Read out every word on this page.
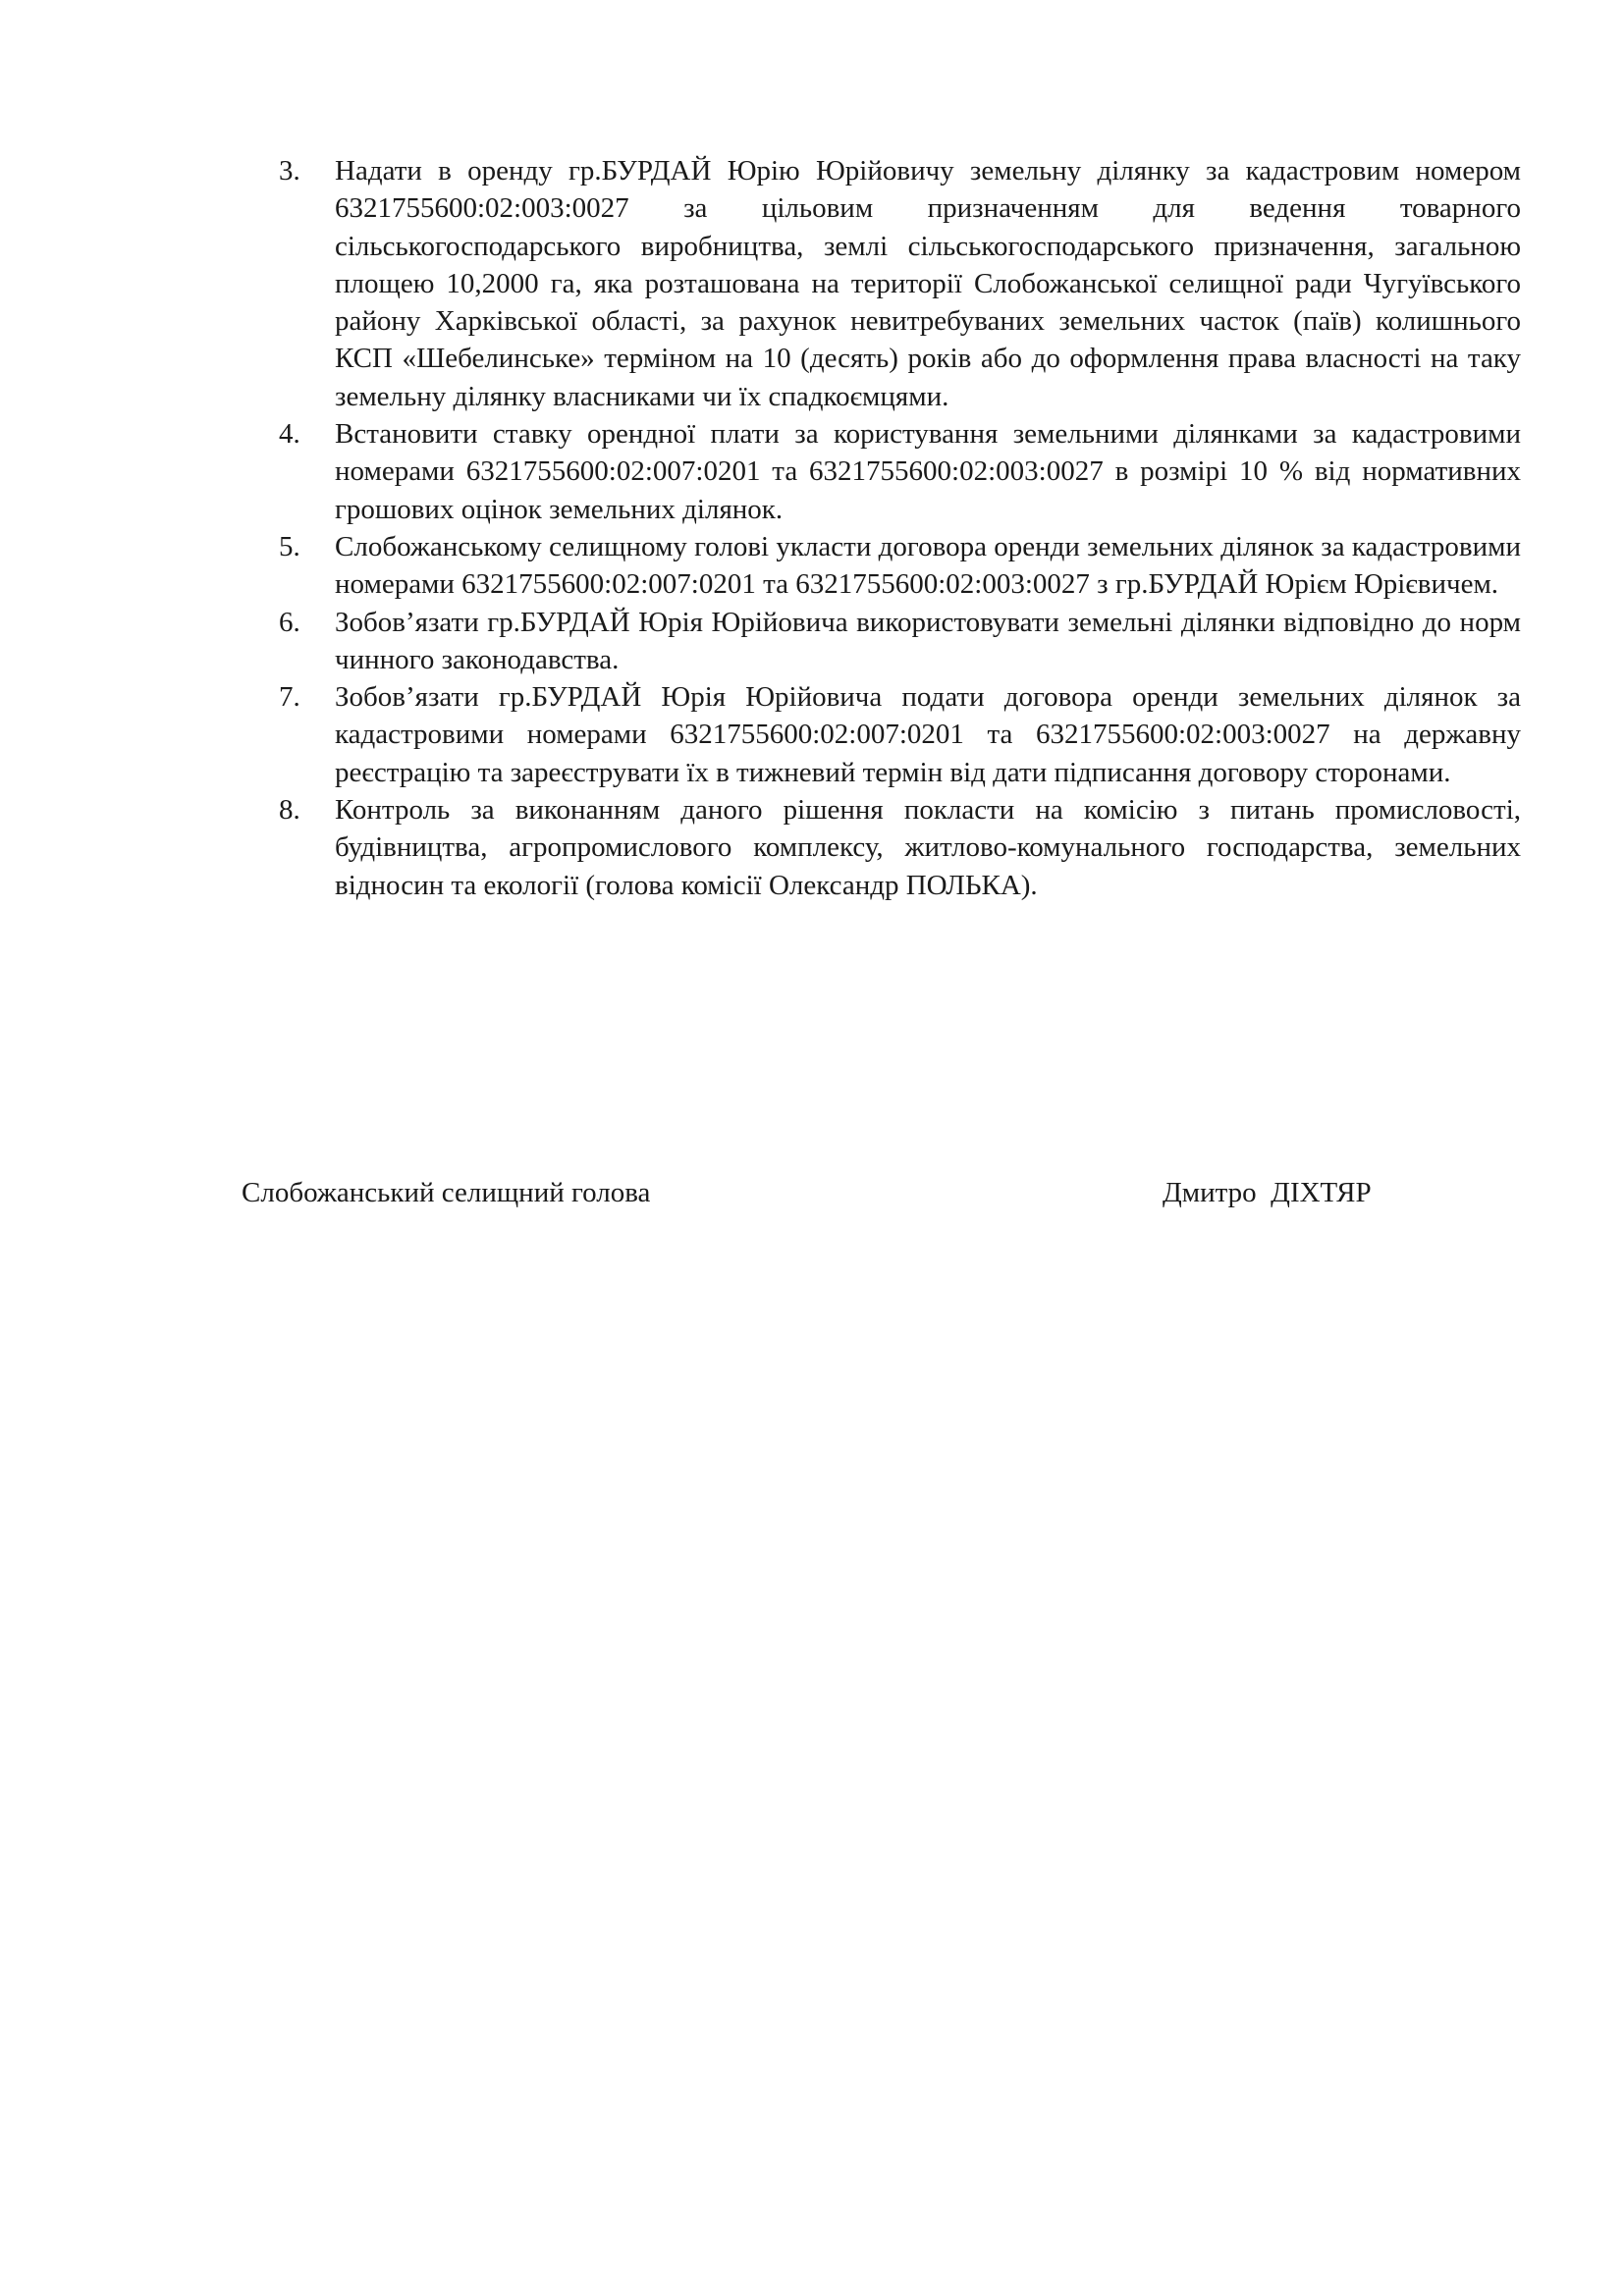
3.	Надати в оренду гр.БУРДАЙ Юрію Юрійовичу земельну ділянку за кадастровим номером 6321755600:02:003:0027 за цільовим призначенням для ведення товарного сільськогосподарського виробництва, землі сільськогосподарського призначення, загальною площею 10,2000 га, яка розташована на території Слобожанської селищної ради Чугуївського району Харківської області, за рахунок невитребуваних земельних часток (паїв) колишнього КСП «Шебелинське» терміном на 10 (десять) років або до оформлення права власності на таку земельну ділянку власниками чи їх спадкоємцями.
4.	Встановити ставку орендної плати за користування земельними ділянками за кадастровими номерами 6321755600:02:007:0201 та 6321755600:02:003:0027 в розмірі 10 % від нормативних грошових оцінок земельних ділянок.
5.	Слобожанському селищному голові укласти договора оренди земельних ділянок за кадастровими номерами 6321755600:02:007:0201 та 6321755600:02:003:0027 з гр.БУРДАЙ Юрієм Юрієвичем.
6.	Зобов’язати гр.БУРДАЙ Юрія Юрійовича використовувати земельні ділянки відповідно до норм чинного законодавства.
7.	Зобов’язати гр.БУРДАЙ Юрія Юрійовича подати договора оренди земельних ділянок за кадастровими номерами 6321755600:02:007:0201 та 6321755600:02:003:0027 на державну реєстрацію та зареєструвати їх в тижневий термін від дати підписання договору сторонами.
8.	Контроль за виконанням даного рішення покласти на комісію з питань промисловості, будівництва, агропромислового комплексу, житлово-комунального господарства, земельних відносин та екології (голова комісії Олександр ПОЛЬКА).
Слобожанський селищний голова	Дмитро  ДІХТЯР
